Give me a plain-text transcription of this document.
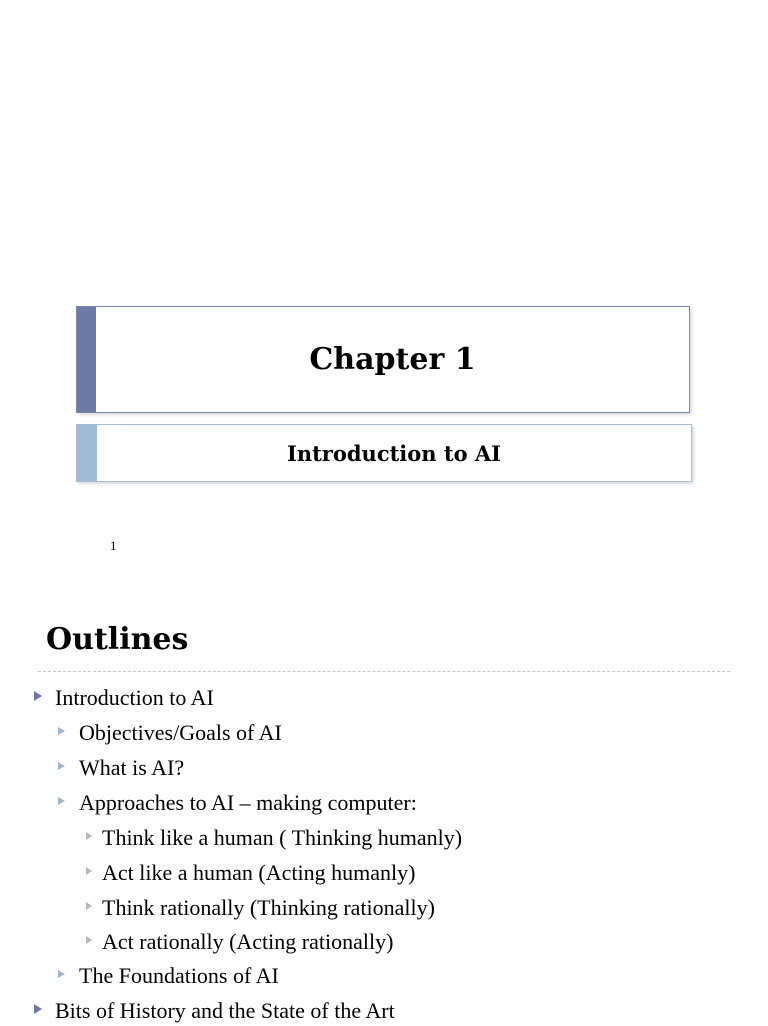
Chapter 1
Introduction to AI
1
Outlines
Introduction to AI
Objectives/Goals of AI
What is AI?
Approaches to AI – making computer:
Think like a human ( Thinking humanly)
Act like a human (Acting humanly)
Think rationally (Thinking rationally)
Act rationally (Acting rationally)
The Foundations of AI
Bits of History and the State of the Art
